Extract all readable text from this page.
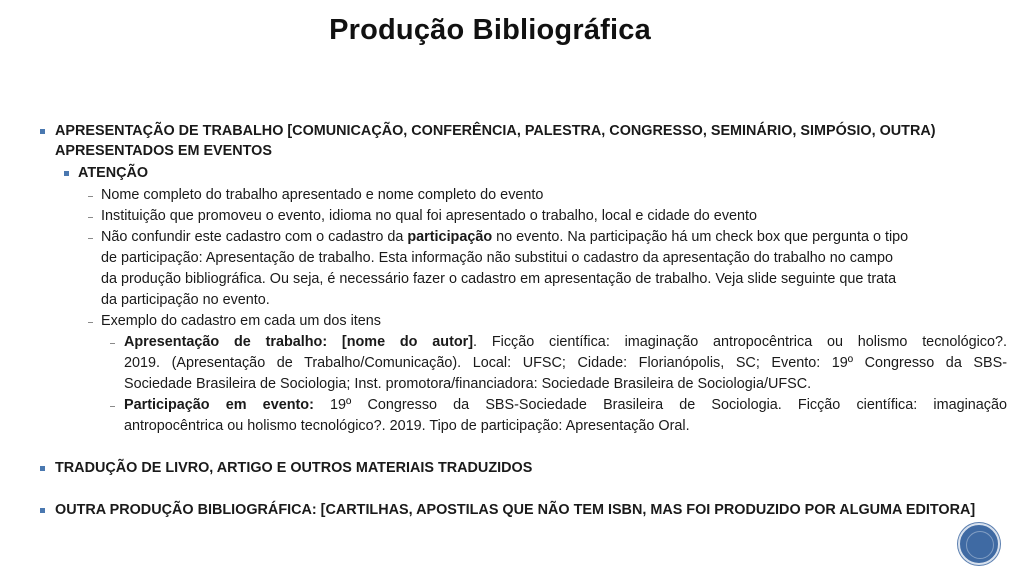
Produção Bibliográfica
APRESENTAÇÃO DE TRABALHO [COMUNICAÇÃO, CONFERÊNCIA, PALESTRA, CONGRESSO, SEMINÁRIO, SIMPÓSIO, OUTRA)
APRESENTADOS EM EVENTOS
ATENÇÃO
Nome completo do trabalho apresentado e nome completo do evento
Instituição que promoveu o evento, idioma no qual foi apresentado o trabalho, local e cidade do evento
Não confundir este cadastro com o cadastro da participação no evento. Na participação há um check box que pergunta o tipo
de participação: Apresentação de trabalho. Esta informação não substitui o cadastro da apresentação do trabalho no campo
da produção bibliográfica. Ou seja, é necessário fazer o cadastro em apresentação de trabalho. Veja slide seguinte que trata
da participação no evento.
Exemplo do cadastro em cada um dos itens
Apresentação de trabalho: [nome do autor]. Ficção científica: imaginação antropocêntrica ou holismo tecnológico?.
2019. (Apresentação de Trabalho/Comunicação). Local: UFSC; Cidade: Florianópolis, SC; Evento: 19º Congresso da SBS-
Sociedade Brasileira de Sociologia; Inst. promotora/financiadora: Sociedade Brasileira de Sociologia/UFSC.
Participação em evento: 19º Congresso da SBS-Sociedade Brasileira de Sociologia. Ficção científica: imaginação
antropocêntrica ou holismo tecnológico?. 2019. Tipo de participação: Apresentação Oral.
TRADUÇÃO DE LIVRO, ARTIGO E OUTROS MATERIAIS TRADUZIDOS
OUTRA PRODUÇÃO BIBLIOGRÁFICA: [CARTILHAS, APOSTILAS QUE NÃO TEM ISBN, MAS FOI PRODUZIDO POR ALGUMA EDITORA]
